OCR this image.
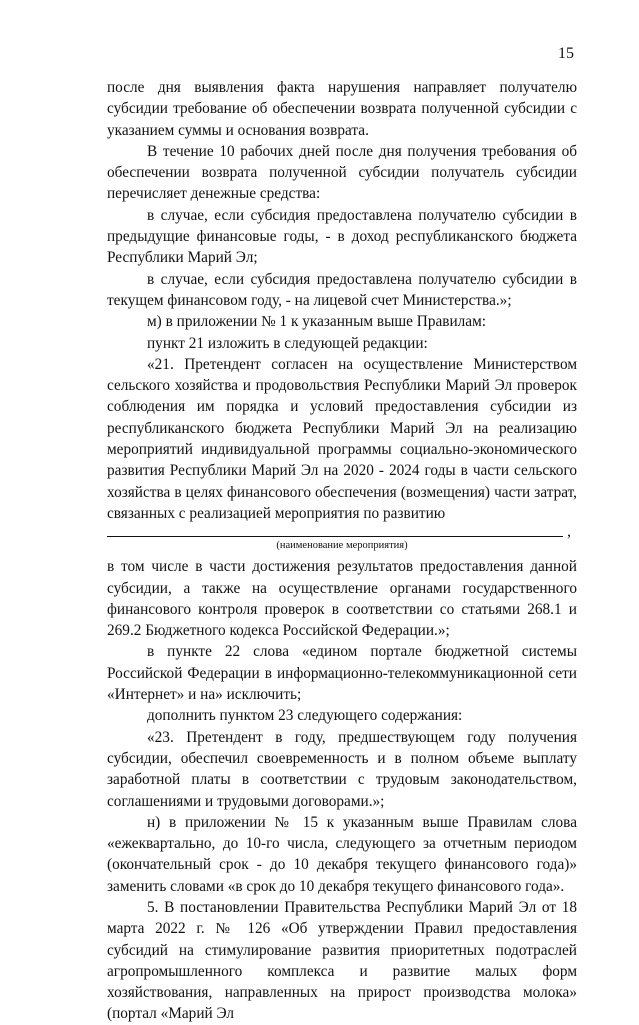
15

после дня выявления факта нарушения направляет получателю субсидии требование об обеспечении возврата полученной субсидии с указанием суммы и основания возврата.

В течение 10 рабочих дней после дня получения требования об обеспечении возврата полученной субсидии получатель субсидии перечисляет денежные средства:

в случае, если субсидия предоставлена получателю субсидии в предыдущие финансовые годы, - в доход республиканского бюджета Республики Марий Эл;

в случае, если субсидия предоставлена получателю субсидии в текущем финансовом году, - на лицевой счет Министерства.»;

м) в приложении № 1 к указанным выше Правилам:

пункт 21 изложить в следующей редакции:

«21. Претендент согласен на осуществление Министерством сельского хозяйства и продовольствия Республики Марий Эл проверок соблюдения им порядка и условий предоставления субсидии из республиканского бюджета Республики Марий Эл на реализацию мероприятий индивидуальной программы социально-экономического развития Республики Марий Эл на 2020 - 2024 годы в части сельского хозяйства в целях финансового обеспечения (возмещения) части затрат, связанных с реализацией мероприятия по развитию

,
(наименование мероприятия)

в том числе в части достижения результатов предоставления данной субсидии, а также на осуществление органами государственного финансового контроля проверок в соответствии со статьями 268.1 и 269.2 Бюджетного кодекса Российской Федерации.»;

в пункте 22 слова «едином портале бюджетной системы Российской Федерации в информационно-телекоммуникационной сети «Интернет» и на» исключить;

дополнить пунктом 23 следующего содержания:

«23. Претендент в году, предшествующем году получения субсидии, обеспечил своевременность и в полном объеме выплату заработной платы в соответствии с трудовым законодательством, соглашениями и трудовыми договорами.»;

н) в приложении № 15 к указанным выше Правилам слова «ежеквартально, до 10-го числа, следующего за отчетным периодом (окончательный срок - до 10 декабря текущего финансового года)» заменить словами «в срок до 10 декабря текущего финансового года».

5. В постановлении Правительства Республики Марий Эл от 18 марта 2022 г. № 126 «Об утверждении Правил предоставления субсидий на стимулирование развития приоритетных подотраслей агропромышленного комплекса и развитие малых форм хозяйствования, направленных на прирост производства молока» (портал «Марий Эл
